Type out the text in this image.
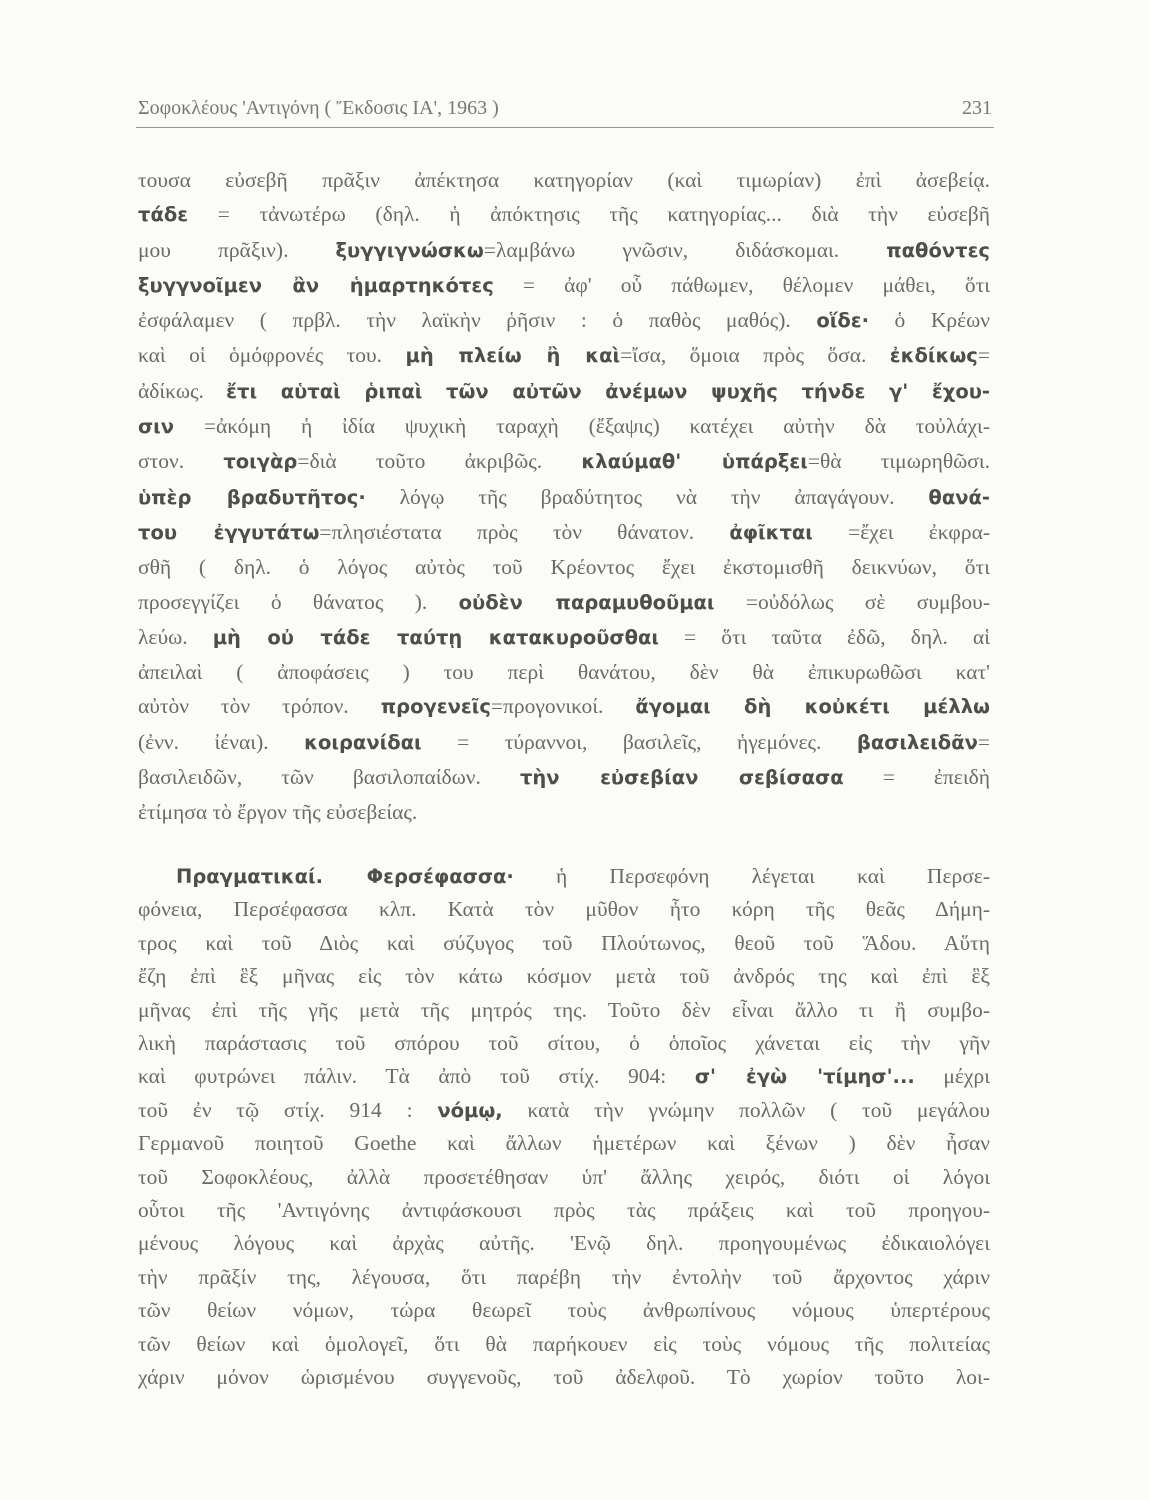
Σοφοκλέους 'Αντιγόνη ( Ἔκδοσις ΙΑ', 1963 )	231
τουσα εὐσεβῆ πρᾶξιν ἀπέκτησα κατηγορίαν (καὶ τιμωρίαν) ἐπὶ ἀσεβείᾳ.
τάδε = τἀνωτέρω (δηλ. ἡ ἀπόκτησις τῆς κατηγορίας... διὰ τὴν εὐσεβῆ
μου πρᾶξιν). ξυγγιγνώσκω=λαμβάνω γνῶσιν, διδάσκομαι. παθόντες
ξυγγνοῖμεν ἂν ἡμαρτηκότες = ἀφ' οὗ πάθωμεν, θέλομεν μάθει, ὅτι
ἐσφάλαμεν ( πρβλ. τὴν λαϊκὴν ῥῆσιν : ὁ παθὸς μαθός). οἵδε· ὁ Κρέων
καὶ οἱ ὁμόφρονές του. μὴ πλείω ἢ καὶ=ἴσα, ὅμοια πρὸς ὅσα. ἐκδίκως=
ἀδίκως. ἔτι αὑταὶ ῥιπαὶ τῶν αὐτῶν ἀνέμων ψυχῆς τήνδε γ' ἔχου-
σιν =ἀκόμη ἡ ἰδία ψυχικὴ ταραχὴ (ἔξαψις) κατέχει αὐτὴν δὰ τοὐλάχι-
στον. τοιγὰρ=διὰ τοῦτο ἀκριβῶς. κλαύμαθ' ὑπάρξει=θὰ τιμωρηθῶσι.
ὑπὲρ βραδυτῆτος· λόγῳ τῆς βραδύτητος νὰ τὴν ἀπαγάγουν. θανά-
του ἐγγυτάτω=πλησιέστατα πρὸς τὸν θάνατον. ἀφῖκται =ἔχει ἐκφρα-
σθῆ ( δηλ. ὁ λόγος αὐτὸς τοῦ Κρέοντος ἔχει ἐκστομισθῆ δεικνύων, ὅτι
προσεγγίζει ὁ θάνατος ). οὐδὲν παραμυθοῦμαι =οὐδόλως σὲ συμβου-
λεύω. μὴ οὐ τάδε ταύτῃ κατακυροῦσθαι = ὅτι ταῦτα ἐδῶ, δηλ. αἱ
ἀπειλαὶ ( ἀποφάσεις ) του περὶ θανάτου, δὲν θὰ ἐπικυρωθῶσι κατ'
αὐτὸν τὸν τρόπον. προγενεῖς=προγονικοί. ἄγομαι δὴ κοὐκέτι μέλλω
(ἐνν. ἰέναι). κοιρανίδαι = τύραννοι, βασιλεῖς, ἡγεμόνες. βασιλειδᾶν=
βασιλειδῶν, τῶν βασιλοπαίδων. τὴν εὐσεβίαν σεβίσασα = ἐπειδὴ
ἐτίμησα τὸ ἔργον τῆς εὐσεβείας.
Πραγματικαί. Φερσέφασσα· ἡ Περσεφόνη λέγεται καὶ Περσε-
φόνεια, Περσέφασσα κλπ. Κατὰ τὸν μῦθον ἦτο κόρη τῆς θεᾶς Δήμη-
τρος καὶ τοῦ Διὸς καὶ σύζυγος τοῦ Πλούτωνος, θεοῦ τοῦ Ἅδου. Αὕτη
ἔζη ἐπὶ ἓξ μῆνας εἰς τὸν κάτω κόσμον μετὰ τοῦ ἀνδρός της καὶ ἐπὶ ἓξ
μῆνας ἐπὶ τῆς γῆς μετὰ τῆς μητρός της. Τοῦτο δὲν εἶναι ἄλλο τι ἢ συμβο-
λικὴ παράστασις τοῦ σπόρου τοῦ σίτου, ὁ ὁποῖος χάνεται εἰς τὴν γῆν
καὶ φυτρώνει πάλιν. Τὰ ἀπὸ τοῦ στίχ. 904: σ' ἐγὼ 'τίμησ'... μέχρι
τοῦ ἐν τῷ στίχ. 914 : νόμῳ, κατὰ τὴν γνώμην πολλῶν ( τοῦ μεγάλου
Γερμανοῦ ποιητοῦ Goethe καὶ ἄλλων ἡμετέρων καὶ ξένων ) δὲν ἦσαν
τοῦ Σοφοκλέους, ἀλλὰ προσετέθησαν ὑπ' ἄλλης χειρός, διότι οἱ λόγοι
οὗτοι τῆς 'Αντιγόνης ἀντιφάσκουσι πρὸς τὰς πράξεις καὶ τοῦ προηγου-
μένους λόγους καὶ ἀρχὰς αὐτῆς. 'Ενῷ δηλ. προηγουμένως ἐδικαιολόγει
τὴν πρᾶξίν της, λέγουσα, ὅτι παρέβη τὴν ἐντολὴν τοῦ ἄρχοντος χάριν
τῶν θείων νόμων, τώρα θεωρεῖ τοὺς ἀνθρωπίνους νόμους ὑπερτέρους
τῶν θείων καὶ ὁμολογεῖ, ὅτι θὰ παρήκουεν εἰς τοὺς νόμους τῆς πολιτείας
χάριν μόνον ὡρισμένου συγγενοῦς, τοῦ ἀδελφοῦ. Τὸ χωρίον τοῦτο λοι-
